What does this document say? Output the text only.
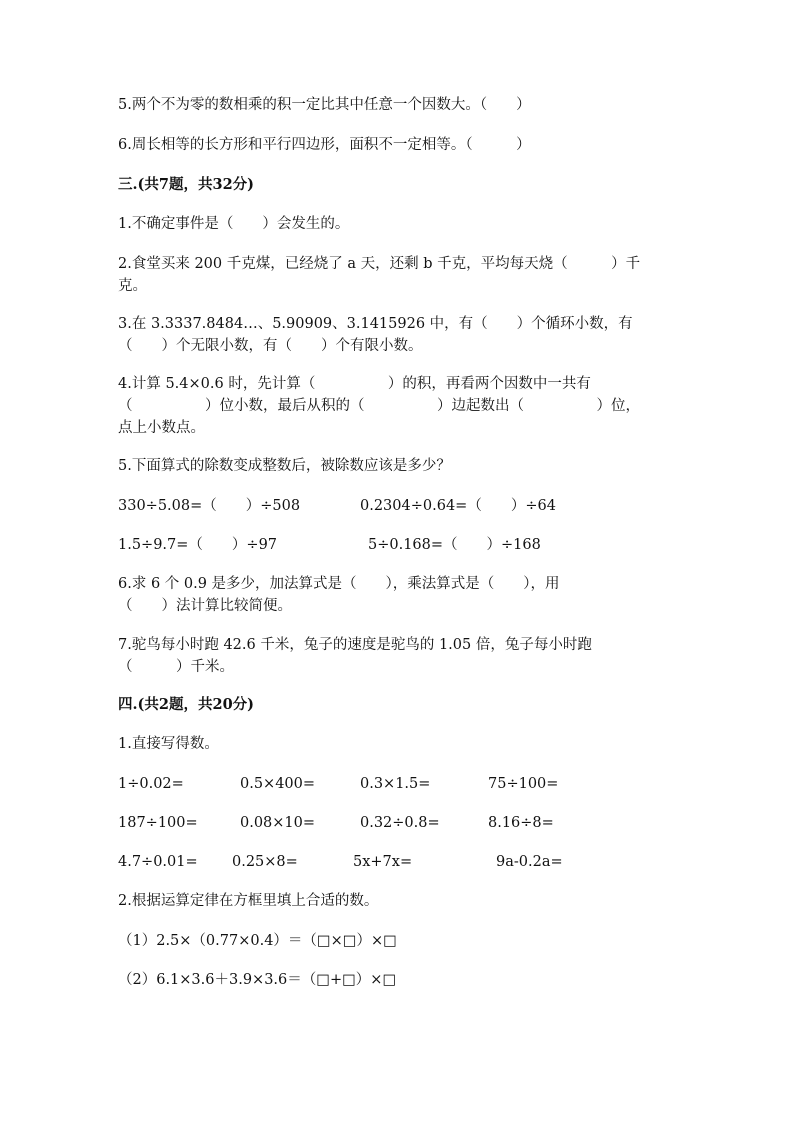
5.两个不为零的数相乘的积一定比其中任意一个因数大。（　　）

6.周长相等的长方形和平行四边形，面积不一定相等。（　　　）

三.(共7题，共32分)

1.不确定事件是（　　）会发生的。

2.食堂买来 200 千克煤，已经烧了 a 天，还剩 b 千克，平均每天烧（　　　）千

克。

3.在 3.3337.8484…、5.90909、3.1415926 中，有（　　）个循环小数，有

（　　）个无限小数，有（　　）个有限小数。

4.计算 5.4×0.6 时，先计算（　　　　　）的积，再看两个因数中一共有

（　　　　　）位小数，最后从积的（　　　　　）边起数出（　　　　　）位，

点上小数点。

5.下面算式的除数变成整数后，被除数应该是多少？

330÷5.08=（　　）÷508	0.2304÷0.64=（　　）÷64
1.5÷9.7=（　　）÷97	5÷0.168=（　　）÷168

6.求 6 个 0.9 是多少，加法算式是（　　），乘法算式是（　　），用

（　　）法计算比较简便。

7.驼鸟每小时跑 42.6 千米，兔子的速度是驼鸟的 1.05 倍，兔子每小时跑

（　　　）千米。

四.(共2题，共20分)

1.直接写得数。

1÷0.02=	0.5×400=	0.3×1.5=	75÷100=
187÷100=	0.08×10=	0.32÷0.8=	8.16÷8=
4.7÷0.01= 0.25×8=	5x+7x=	9a-0.2a=

2.根据运算定律在方框里填上合适的数。

（1）2.5×（0.77×0.4）＝（□×□）×□

（2）6.1×3.6＋3.9×3.6＝（□+□）×□
